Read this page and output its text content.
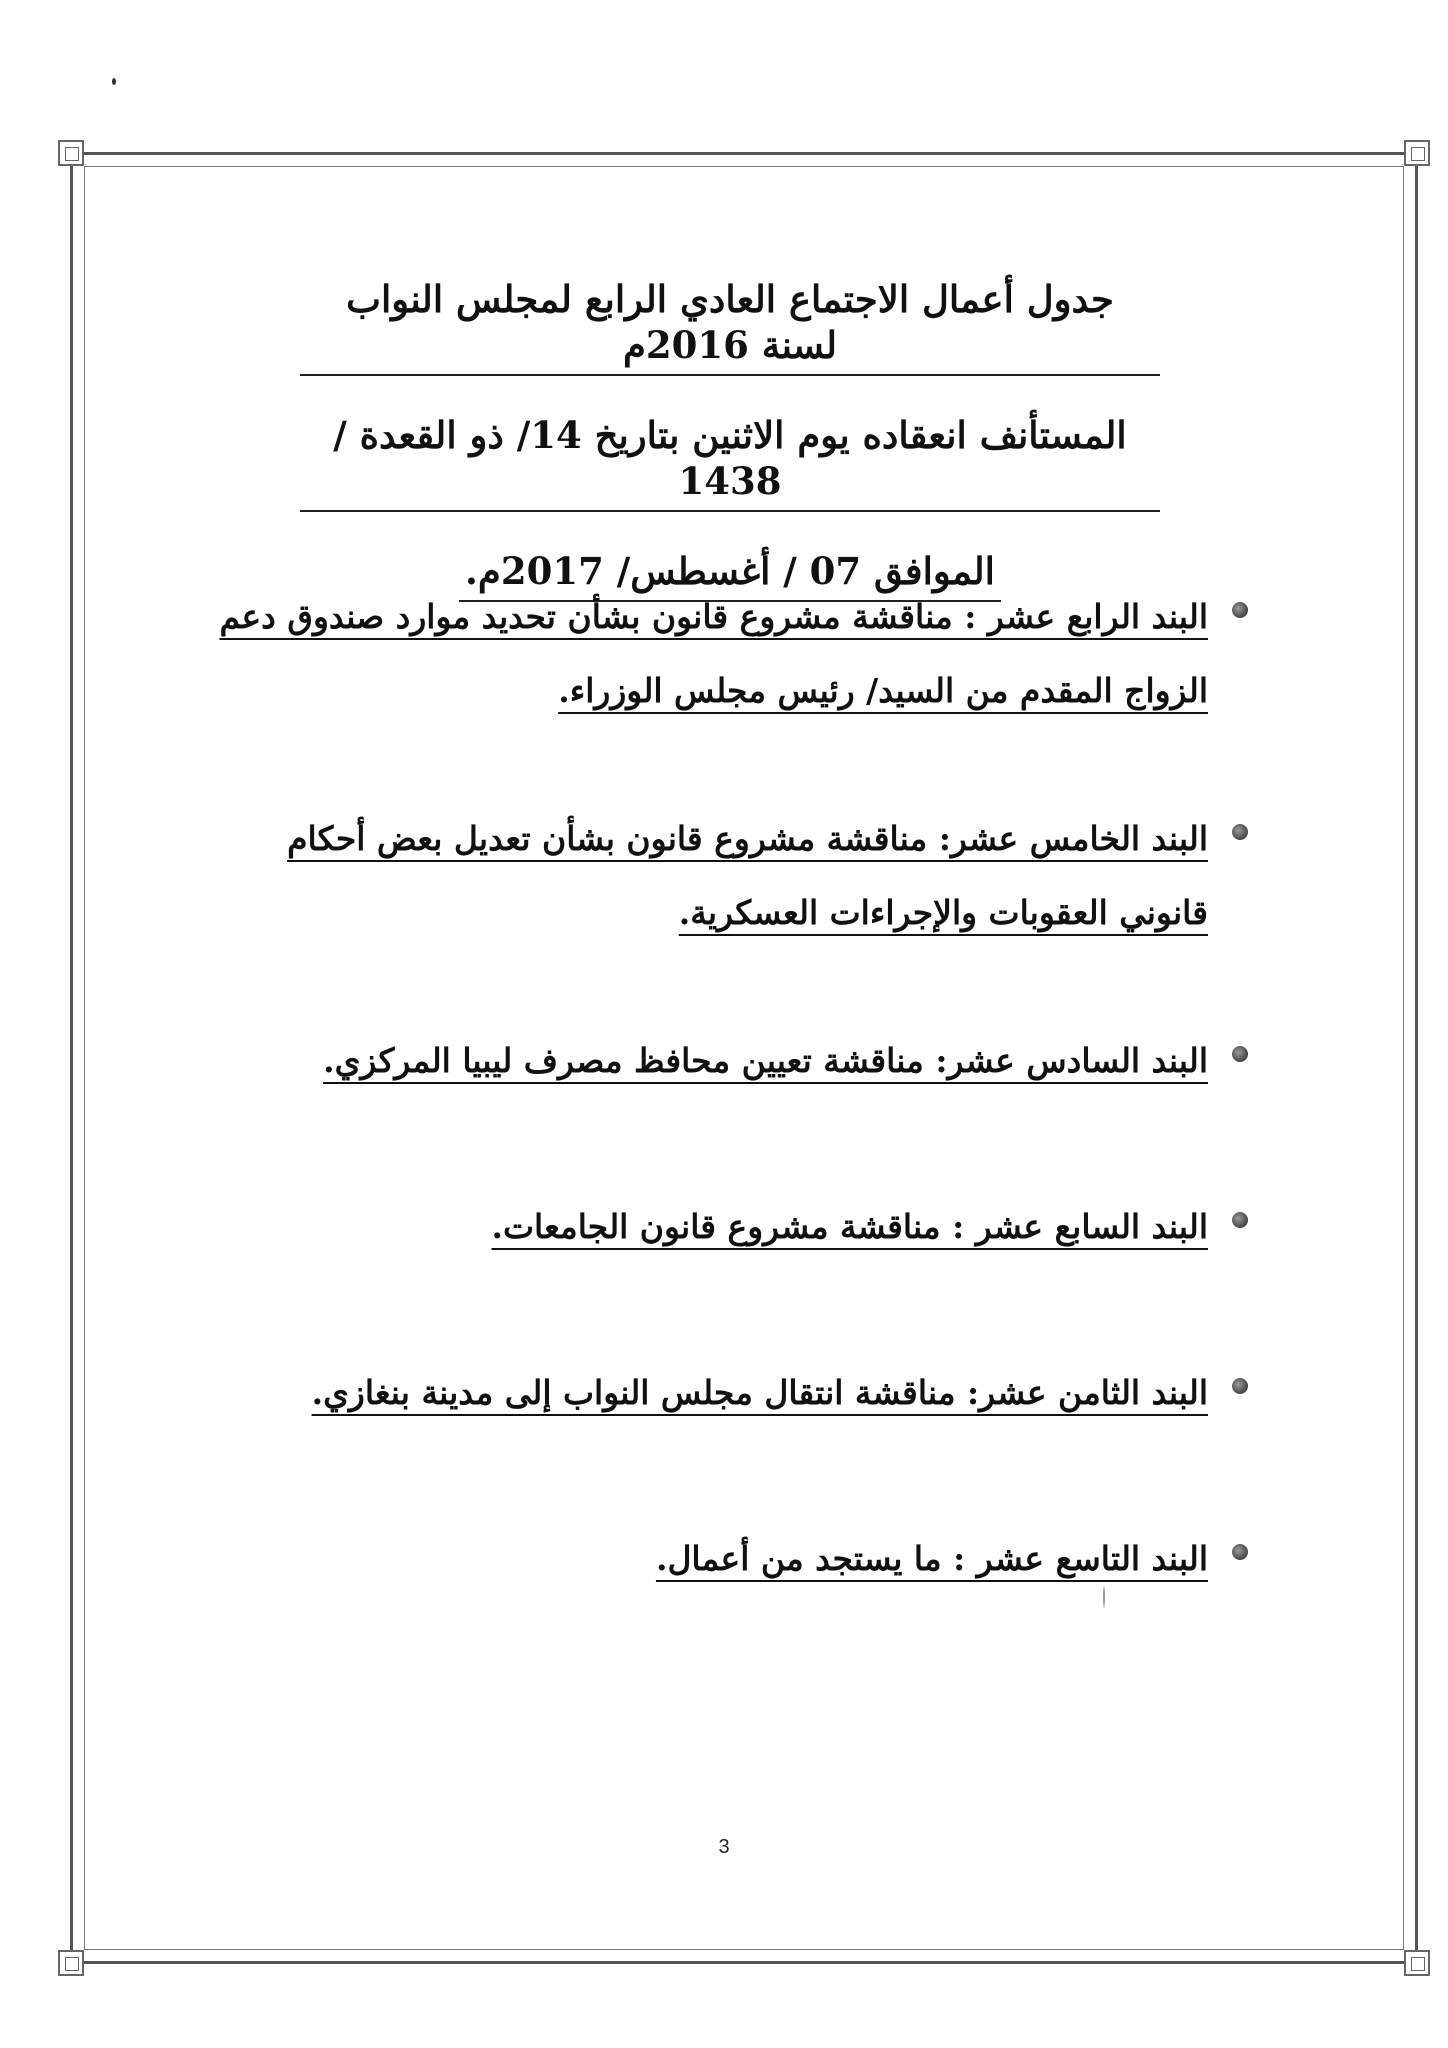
جدول أعمال الاجتماع العادي الرابع لمجلس النواب لسنة 2016م
المستأنف انعقاده يوم الاثنين بتاريخ 14/ ذو القعدة / 1438
الموافق 07 / أغسطس/ 2017م.
البند الرابع عشر : مناقشة مشروع قانون بشأن تحديد موارد صندوق دعم الزواج المقدم من السيد/ رئيس مجلس الوزراء.
البند الخامس عشر: مناقشة مشروع قانون بشأن تعديل بعض أحكام قانوني العقوبات والإجراءات العسكرية.
البند السادس عشر: مناقشة تعيين محافظ مصرف ليبيا المركزي.
البند السابع عشر : مناقشة مشروع قانون الجامعات.
البند الثامن عشر: مناقشة انتقال مجلس النواب إلى مدينة بنغازي.
البند التاسع عشر : ما يستجد من أعمال.
3
